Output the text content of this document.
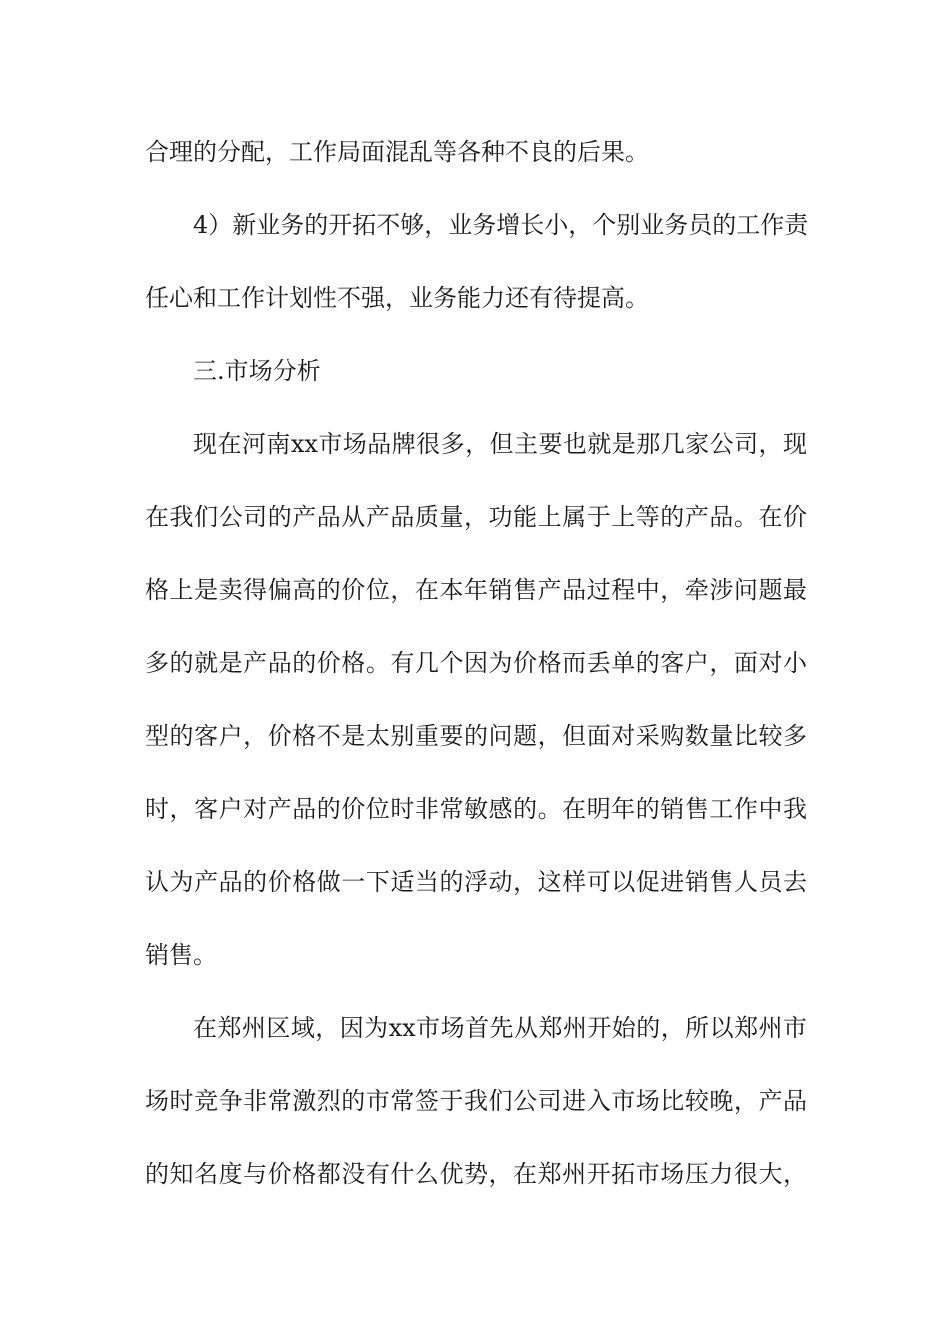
合理的分配，工作局面混乱等各种不良的后果。
4）新业务的开拓不够，业务增长小，个别业务员的工作责
任心和工作计划性不强，业务能力还有待提高。
三.市场分析
现在河南xx市场品牌很多，但主要也就是那几家公司，现
在我们公司的产品从产品质量，功能上属于上等的产品。在价
格上是卖得偏高的价位，在本年销售产品过程中，牵涉问题最
多的就是产品的价格。有几个因为价格而丢单的客户，面对小
型的客户，价格不是太别重要的问题，但面对采购数量比较多
时，客户对产品的价位时非常敏感的。在明年的销售工作中我
认为产品的价格做一下适当的浮动，这样可以促进销售人员去
销售。
在郑州区域，因为xx市场首先从郑州开始的，所以郑州市
场时竞争非常激烈的市常签于我们公司进入市场比较晚，产品
的知名度与价格都没有什么优势，在郑州开拓市场压力很大，
